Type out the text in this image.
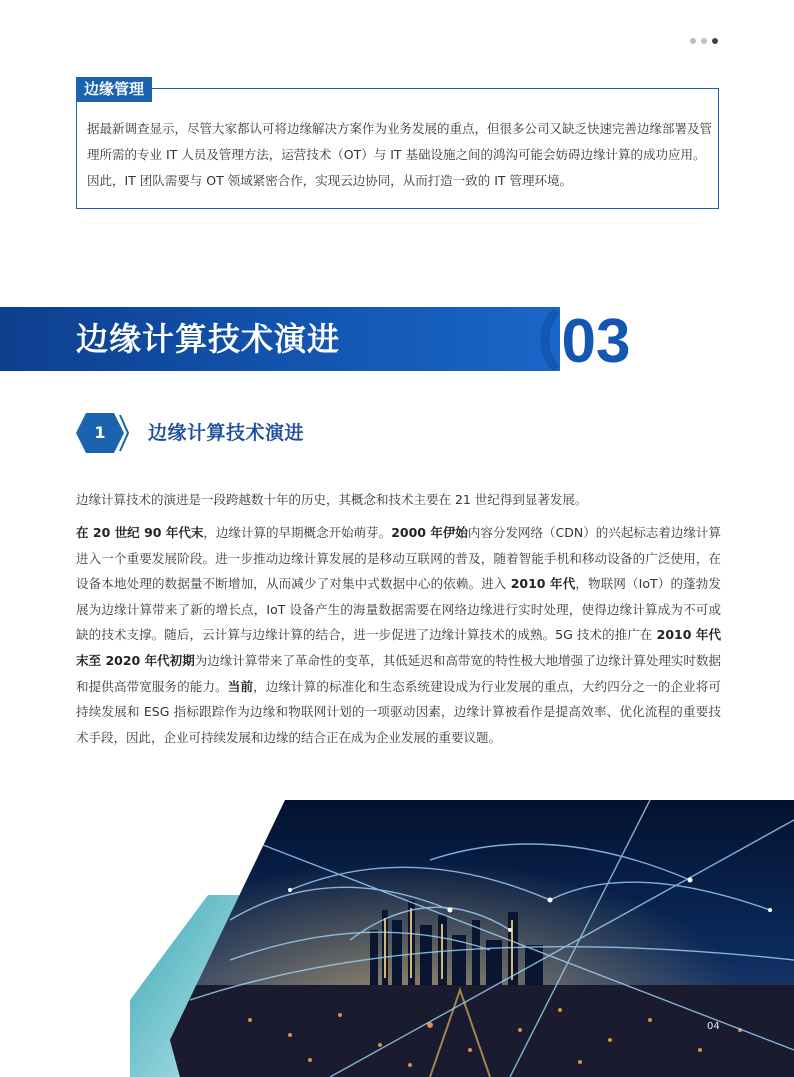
边缘管理
据最新调查显示，尽管大家都认可将边缘解决方案作为业务发展的重点，但很多公司又缺乏快速完善边缘部署及管理所需的专业 IT 人员及管理方法，运营技术（OT）与 IT 基础设施之间的鸿沟可能会妨碍边缘计算的成功应用。因此，IT 团队需要与 OT 领域紧密合作，实现云边协同，从而打造一致的 IT 管理环境。
边缘计算技术演进	03
1	边缘计算技术演进
边缘计算技术的演进是一段跨越数十年的历史，其概念和技术主要在 21 世纪得到显著发展。
在 20 世纪 90 年代末，边缘计算的早期概念开始萌芽。2000 年伊始内容分发网络（CDN）的兴起标志着边缘计算进入一个重要发展阶段。进一步推动边缘计算发展的是移动互联网的普及，随着智能手机和移动设备的广泛使用，在设备本地处理的数据量不断增加，从而减少了对集中式数据中心的依赖。进入 2010 年代，物联网（IoT）的蓬勃发展为边缘计算带来了新的增长点，IoT 设备产生的海量数据需要在网络边缘进行实时处理，使得边缘计算成为不可或缺的技术支撑。随后，云计算与边缘计算的结合，进一步促进了边缘计算技术的成熟。5G 技术的推广在 2010 年代末至 2020 年代初期为边缘计算带来了革命性的变革，其低延迟和高带宽的特性极大地增强了边缘计算处理实时数据和提供高带宽服务的能力。当前，边缘计算的标准化和生态系统建设成为行业发展的重点，大约四分之一的企业将可持续发展和 ESG 指标跟踪作为边缘和物联网计划的一项驱动因素，边缘计算被看作是提高效率、优化流程的重要技术手段，因此，企业可持续发展和边缘的结合正在成为企业发展的重要议题。
04
